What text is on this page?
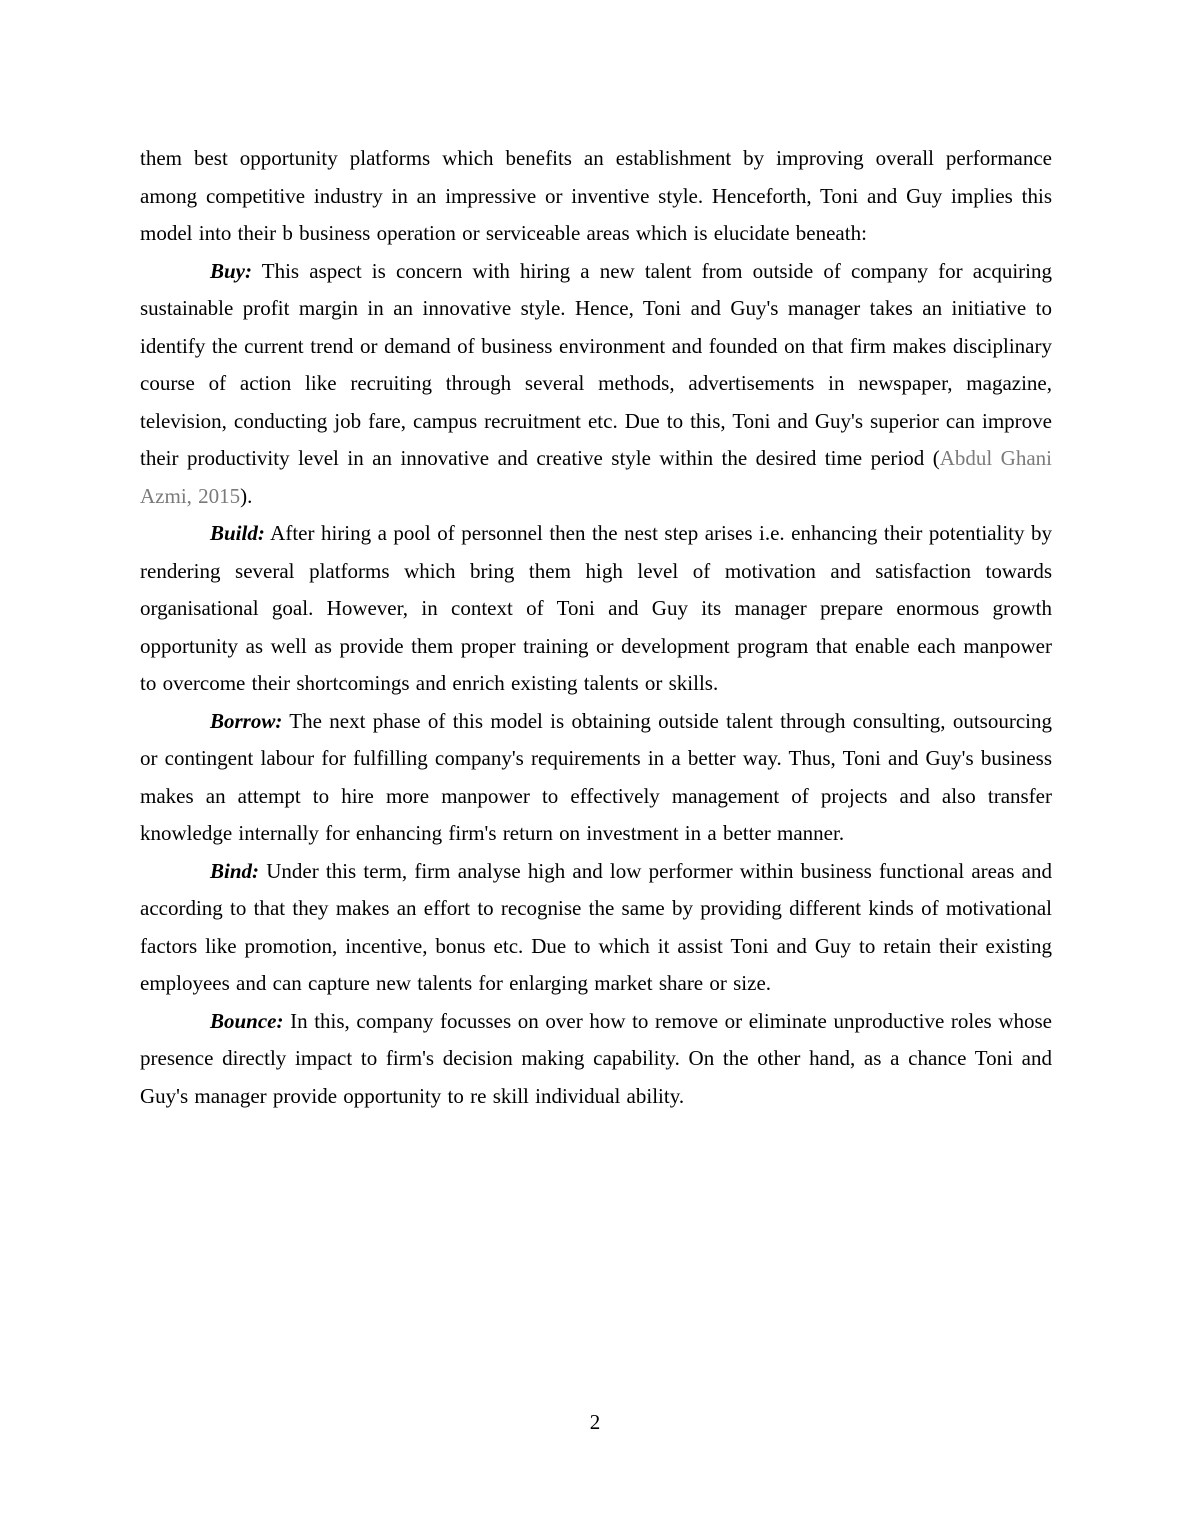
them best opportunity platforms which benefits an establishment by improving overall performance among competitive industry in an impressive or inventive style. Henceforth, Toni and Guy implies this model into their b business operation or serviceable areas which is elucidate beneath:

Buy: This aspect is concern with hiring a new talent from outside of company for acquiring sustainable profit margin in an innovative style. Hence, Toni and Guy's manager takes an initiative to identify the current trend or demand of business environment and founded on that firm makes disciplinary course of action like recruiting through several methods, advertisements in newspaper, magazine, television, conducting job fare, campus recruitment etc. Due to this, Toni and Guy's superior can improve their productivity level in an innovative and creative style within the desired time period (Abdul Ghani Azmi, 2015).

Build: After hiring a pool of personnel then the nest step arises i.e. enhancing their potentiality by rendering several platforms which bring them high level of motivation and satisfaction towards organisational goal. However, in context of Toni and Guy its manager prepare enormous growth opportunity as well as provide them proper training or development program that enable each manpower to overcome their shortcomings and enrich existing talents or skills.

Borrow: The next phase of this model is obtaining outside talent through consulting, outsourcing or contingent labour for fulfilling company's requirements in a better way. Thus, Toni and Guy's business makes an attempt to hire more manpower to effectively management of projects and also transfer knowledge internally for enhancing firm's return on investment in a better manner.

Bind: Under this term, firm analyse high and low performer within business functional areas and according to that they makes an effort to recognise the same by providing different kinds of motivational factors like promotion, incentive, bonus etc. Due to which it assist Toni and Guy to retain their existing employees and can capture new talents for enlarging market share or size.

Bounce: In this, company focusses on over how to remove or eliminate unproductive roles whose presence directly impact to firm's decision making capability. On the other hand, as a chance Toni and Guy's manager provide opportunity to re skill individual ability.

2
